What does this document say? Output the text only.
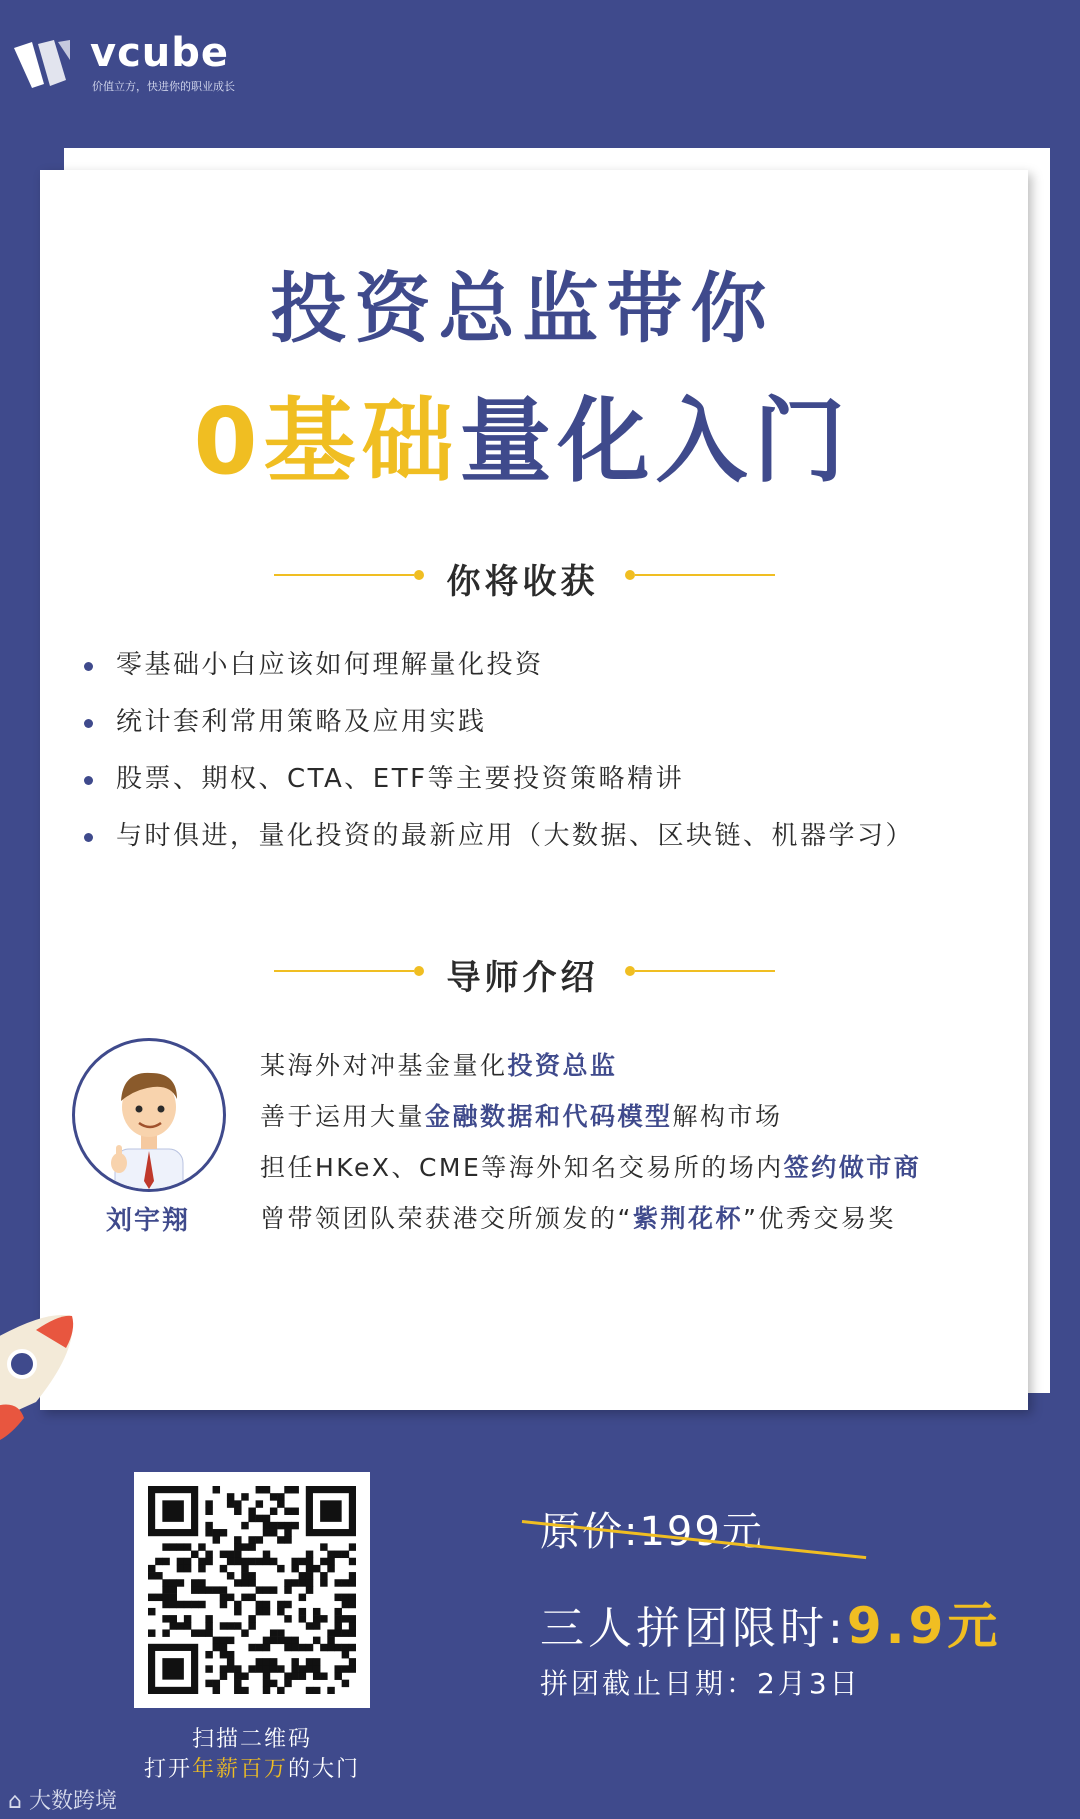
vcube
价值立方，快进你的职业成长
投资总监带你
0基础量化入门
你将收获
零基础小白应该如何理解量化投资
统计套利常用策略及应用实践
股票、期权、CTA、ETF等主要投资策略精讲
与时俱进，量化投资的最新应用（大数据、区块链、机器学习）
导师介绍
刘宇翔

某海外对冲基金量化投资总监

善于运用大量金融数据和代码模型解构市场

担任HKeX、CME等海外知名交易所的场内签约做市商

曾带领团队荣获港交所颁发的“紫荆花杯”优秀交易奖

扫描二维码
打开年薪百万的大门
原价:199元
三人拼团限时:9.9元
拼团截止日期：2月3日
⌂ 大数跨境
